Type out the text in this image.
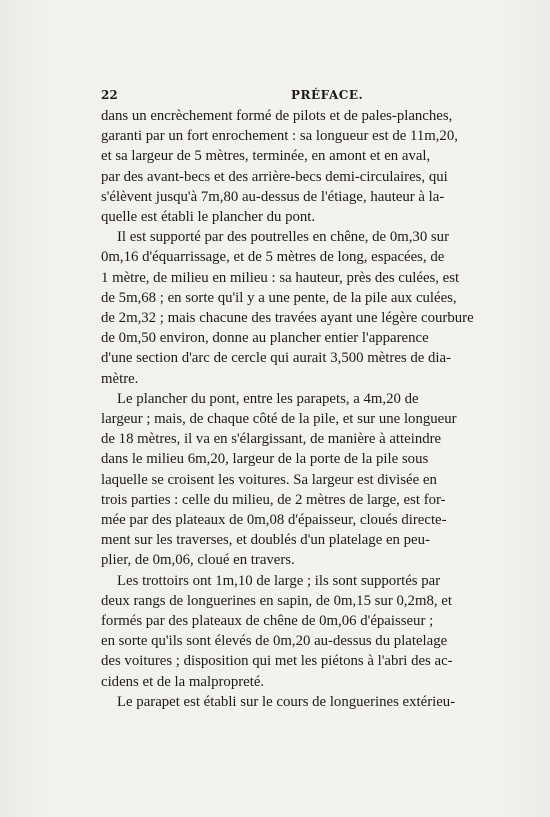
22	PRÉFACE.
dans un encrèchement formé de pilots et de pales-planches,
garanti par un fort enrochement : sa longueur est de 11m,20,
et sa largeur de 5 mètres, terminée, en amont et en aval,
par des avant-becs et des arrière-becs demi-circulaires, qui
s'élèvent jusqu'à 7m,80 au-dessus de l'étiage, hauteur à la-
quelle est établi le plancher du pont.
Il est supporté par des poutrelles en chêne, de 0m,30 sur
0m,16 d'équarrissage, et de 5 mètres de long, espacées, de
1 mètre, de milieu en milieu : sa hauteur, près des culées, est
de 5m,68 ; en sorte qu'il y a une pente, de la pile aux culées,
de 2m,32 ; mais chacune des travées ayant une légère courbure
de 0m,50 environ, donne au plancher entier l'apparence
d'une section d'arc de cercle qui aurait 3,500 mètres de dia-
mètre.
Le plancher du pont, entre les parapets, a 4m,20 de
largeur ; mais, de chaque côté de la pile, et sur une longueur
de 18 mètres, il va en s'élargissant, de manière à atteindre
dans le milieu 6m,20, largeur de la porte de la pile sous
laquelle se croisent les voitures. Sa largeur est divisée en
trois parties : celle du milieu, de 2 mètres de large, est for-
mée par des plateaux de 0m,08 d'épaisseur, cloués directe-
ment sur les traverses, et doublés d'un platelage en peu-
plier, de 0m,06, cloué en travers.
Les trottoirs ont 1m,10 de large ; ils sont supportés par
deux rangs de longuerines en sapin, de 0m,15 sur 0,2m8, et
formés par des plateaux de chêne de 0m,06 d'épaisseur ;
en sorte qu'ils sont élevés de 0m,20 au-dessus du platelage
des voitures ; disposition qui met les piétons à l'abri des ac-
cidens et de la malpropreté.
Le parapet est établi sur le cours de longuerines extérieu-
